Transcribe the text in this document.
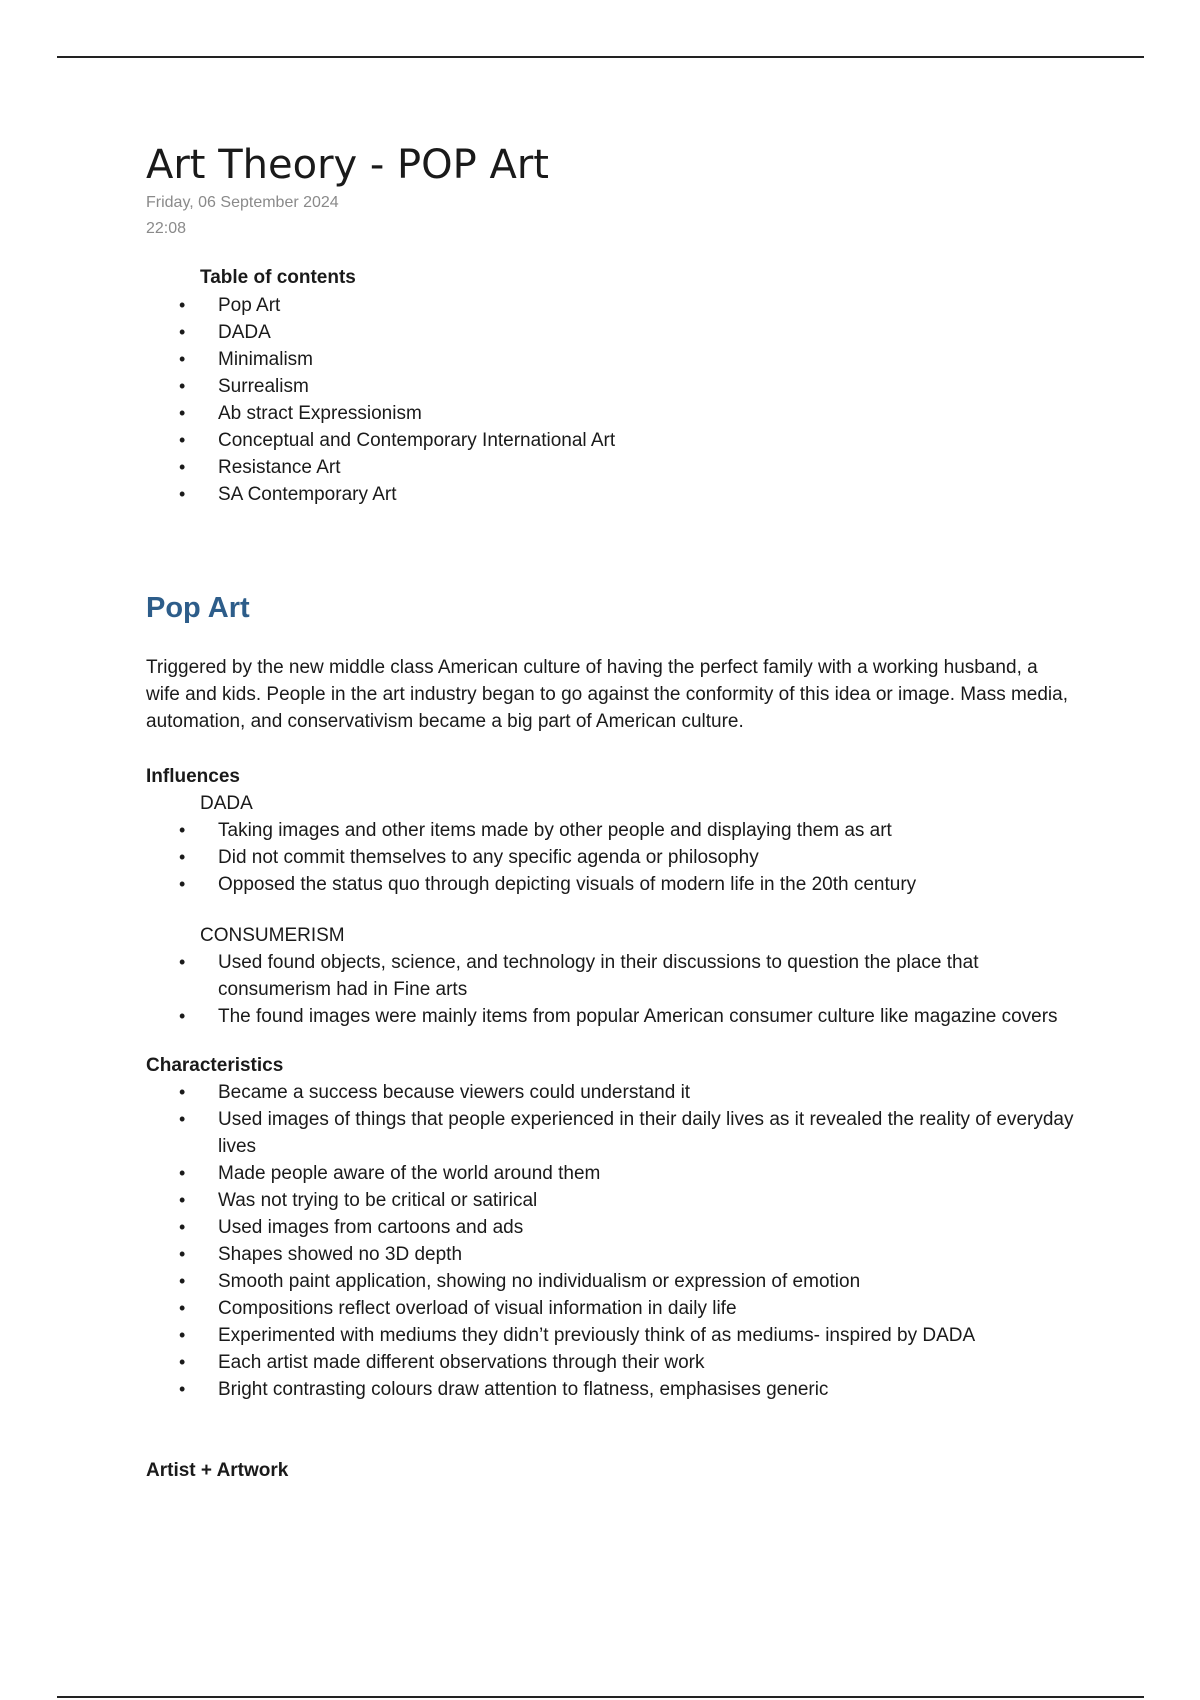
Art Theory - POP Art
Friday, 06 September 2024
22:08
Table of contents
• Pop Art
• DADA
• Minimalism
• Surrealism
• Ab stract Expressionism
• Conceptual and Contemporary International Art
• Resistance Art
• SA Contemporary Art
Pop Art
Triggered by the new middle class American culture of having the perfect family with a working husband, a wife and kids. People in the art industry began to go against the conformity of this idea or image. Mass media, automation, and conservativism became a big part of American culture.
Influences
DADA
• Taking images and other items made by other people and displaying them as art
• Did not commit themselves to any specific agenda or philosophy
• Opposed the status quo through depicting visuals of modern life in the 20th century
CONSUMERISM
• Used found objects, science, and technology in their discussions to question the place that consumerism had in Fine arts
• The found images were mainly items from popular American consumer culture like magazine covers
Characteristics
• Became a success because viewers could understand it
• Used images of things that people experienced in their daily lives as it revealed the reality of everyday lives
• Made people aware of the world around them
• Was not trying to be critical or satirical
• Used images from cartoons and ads
• Shapes showed no 3D depth
• Smooth paint application, showing no individualism or expression of emotion
• Compositions reflect overload of visual information in daily life
• Experimented with mediums they didn’t previously think of as mediums- inspired by DADA
• Each artist made different observations through their work
• Bright contrasting colours draw attention to flatness, emphasises generic
Artist + Artwork
